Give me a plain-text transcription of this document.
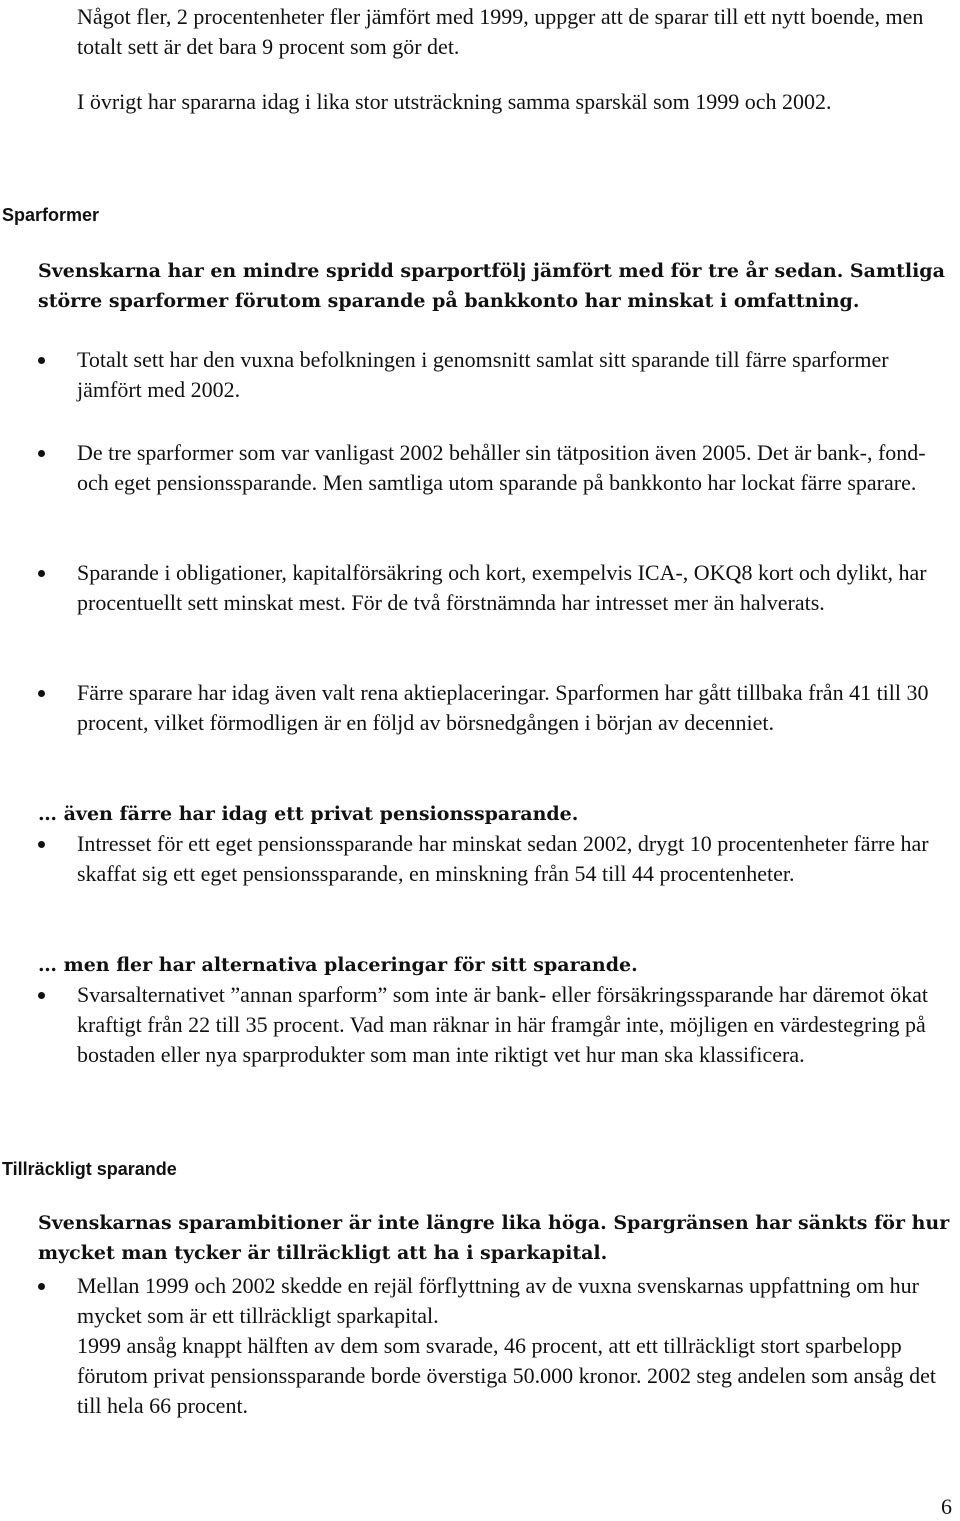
Något fler, 2 procentenheter fler jämfört med 1999, uppger att de sparar till ett nytt boende, men totalt sett är det bara 9 procent som gör det.
I övrigt har spararna idag i lika stor utsträckning samma sparskäl som 1999 och 2002.
Sparformer
Svenskarna har en mindre spridd sparportfölj jämfört med för tre år sedan. Samtliga större sparformer förutom sparande på bankkonto har minskat i omfattning.
Totalt sett har den vuxna befolkningen i genomsnitt samlat sitt sparande till färre sparformer jämfört med 2002.
De tre sparformer som var vanligast 2002 behåller sin tätposition även 2005. Det är bank-, fond- och eget pensionssparande. Men samtliga utom sparande på bankkonto har lockat färre sparare.
Sparande i obligationer, kapitalförsäkring och kort, exempelvis ICA-, OKQ8 kort och dylikt, har procentuellt sett minskat mest. För de två förstnämnda har intresset mer än halverats.
Färre sparare har idag även valt rena aktieplaceringar. Sparformen har gått tillbaka från 41 till 30 procent, vilket förmodligen är en följd av börsnedgången i början av decenniet.
… även färre har idag ett privat pensionssparande.
Intresset för ett eget pensionssparande har minskat sedan 2002, drygt 10 procentenheter färre har skaffat sig ett eget pensionssparande, en minskning från 54 till 44 procentenheter.
… men fler har alternativa placeringar för sitt sparande.
Svarsalternativet ”annan sparform” som inte är bank- eller försäkringssparande har däremot ökat kraftigt från 22 till 35 procent. Vad man räknar in här framgår inte, möjligen en värdestegring på bostaden eller nya sparprodukter som man inte riktigt vet hur man ska klassificera.
Tillräckligt sparande
Svenskarnas sparambitioner är inte längre lika höga. Spargränsen har sänkts för hur mycket man tycker är tillräckligt att ha i sparkapital.
Mellan 1999 och 2002 skedde en rejäl förflyttning av de vuxna svenskarnas uppfattning om hur mycket som är ett tillräckligt sparkapital.
1999 ansåg knappt hälften av dem som svarade, 46 procent, att ett tillräckligt stort sparbelopp förutom privat pensionssparande borde överstiga 50.000 kronor. 2002 steg andelen som ansåg det till hela 66 procent.
6
